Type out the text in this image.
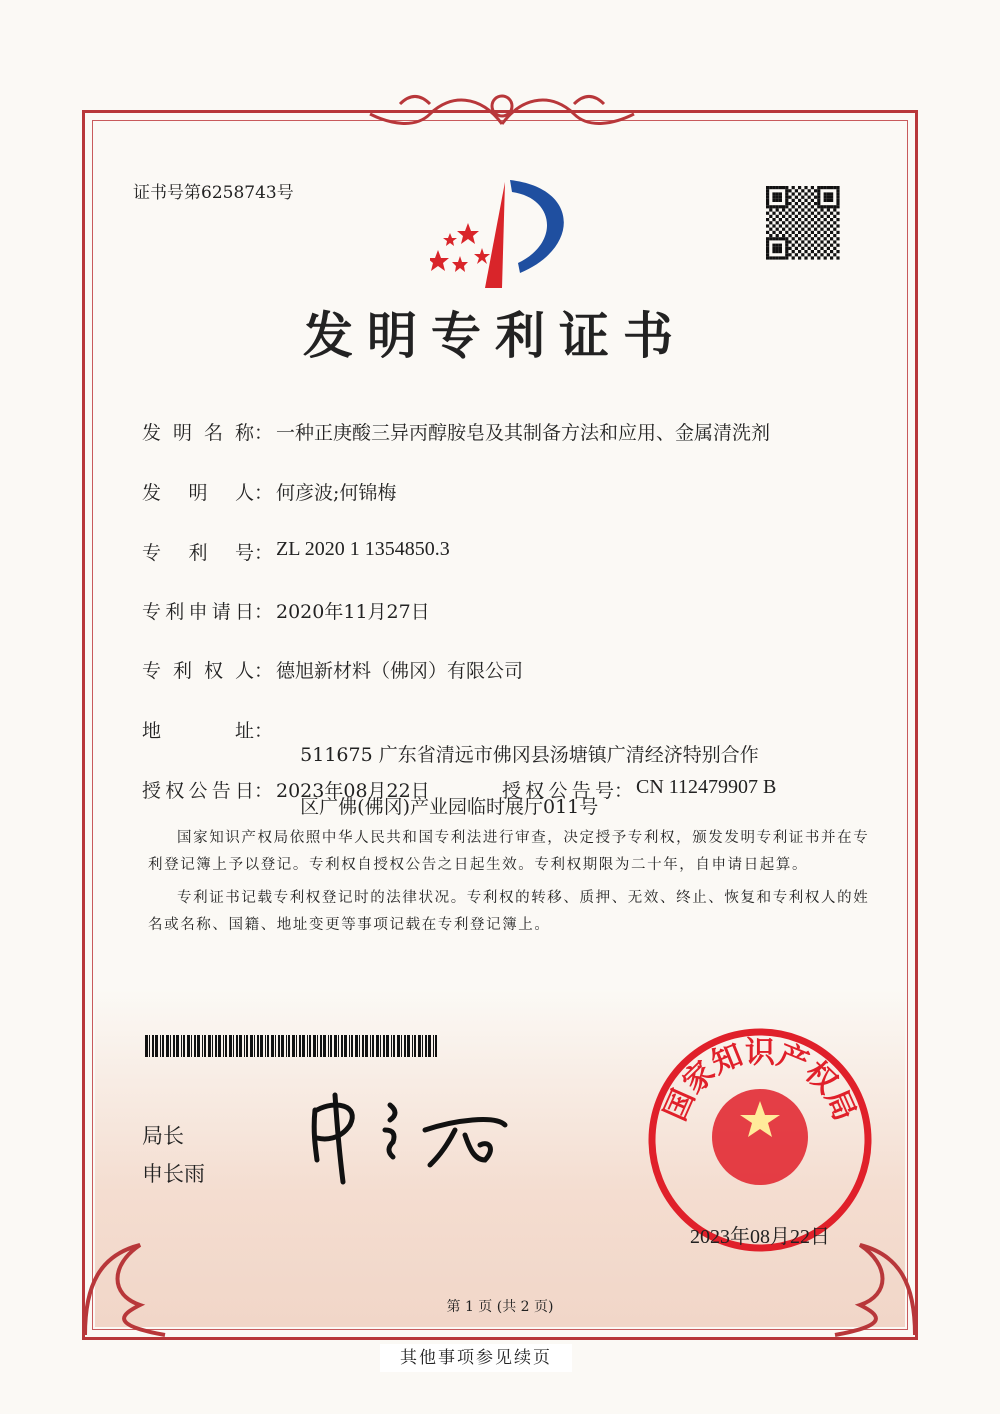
证书号第6258743号
发明专利证书
发明名称 ： 一种正庚酸三异丙醇胺皂及其制备方法和应用、金属清洗剂
发明人 ： 何彦波;何锦梅
专利号 ： ZL 2020 1 1354850.3
专利申请日 ： 2020年11月27日
专利权人 ： 德旭新材料（佛冈）有限公司
地址 ：

511675 广东省清远市佛冈县汤塘镇广清经济特别合作

区广佛(佛冈)产业园临时展厅011号

授权公告日 ： 2023年08月22日	授权公告号 ： CN 112479907 B

国家知识产权局依照中华人民共和国专利法进行审查，决定授予专利权，颁发发明专利证书并在专利登记簿上予以登记。专利权自授权公告之日起生效。专利权期限为二十年，自申请日起算。

专利证书记载专利权登记时的法律状况。专利权的转移、质押、无效、终止、恢复和专利权人的姓名或名称、国籍、地址变更等事项记载在专利登记簿上。

局长
申长雨
国家知识产权局
2023年08月22日
第 1 页 (共 2 页)
其他事项参见续页
